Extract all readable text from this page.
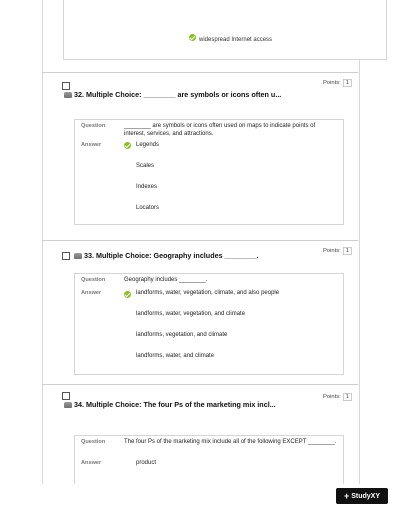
widespread Internet access

32. Multiple Choice: ________ are symbols or icons often u...
Points: 1
Question	________ are symbols or icons often used on maps to indicate points of interest, services, and attractions.
Answer	Legends
Scales
Indexes
Locators
33. Multiple Choice: Geography includes ________.	Points: 1
Question	Geography includes ________.
Answer	landforms, water, vegetation, climate, and also people
landforms, water, vegetation, and climate
landforms, vegetation, and climate
landforms, water, and climate

34. Multiple Choice: The four Ps of the marketing mix incl...
Points: 1
Question	The four Ps of the marketing mix include all of the following EXCEPT ________.
Answer	product
+ StudyXY
